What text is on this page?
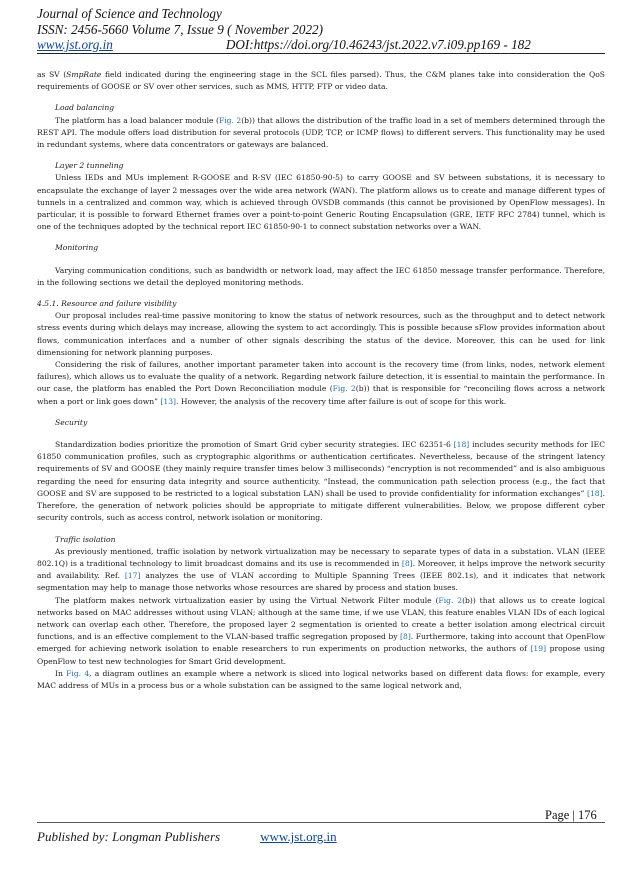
Journal of Science and Technology
ISSN: 2456-5660 Volume 7, Issue 9 ( November 2022)
www.jst.org.in	DOI:https://doi.org/10.46243/jst.2022.v7.i09.pp169 - 182

as SV (SmpRate field indicated during the engineering stage in the SCL files parsed). Thus, the C&M planes take into consideration the QoS requirements of GOOSE or SV over other services, such as MMS, HTTP, FTP or video data.

Load balancing

The platform has a load balancer module (Fig. 2(b)) that allows the distribution of the traffic load in a set of members determined through the REST API. The module offers load distribution for several protocols (UDP, TCP, or ICMP flows) to different servers. This functionality may be used in redundant systems, where data concentrators or gateways are balanced.

Layer 2 tunneling

Unless IEDs and MUs implement R-GOOSE and R-SV (IEC 61850-90-5) to carry GOOSE and SV between substations, it is necessary to encapsulate the exchange of layer 2 messages over the wide area network (WAN). The platform allows us to create and manage different types of tunnels in a centralized and common way, which is achieved through OVSDB commands (this cannot be provisioned by OpenFlow messages). In particular, it is possible to forward Ethernet frames over a point-to-point Generic Routing Encapsulation (GRE, IETF RFC 2784) tunnel, which is one of the techniques adopted by the technical report IEC 61850-90-1 to connect substation networks over a WAN.

Monitoring

Varying communication conditions, such as bandwidth or network load, may affect the IEC 61850 message transfer performance. Therefore, in the following sections we detail the deployed monitoring methods.

4.5.1. Resource and failure visibility

Our proposal includes real-time passive monitoring to know the status of network resources, such as the throughput and to detect network stress events during which delays may increase, allowing the system to act accordingly. This is possible because sFlow provides information about flows, communication interfaces and a number of other signals describing the status of the device. Moreover, this can be used for link dimensioning for network planning purposes.

Considering the risk of failures, another important parameter taken into account is the recovery time (from links, nodes, network element failures), which allows us to evaluate the quality of a network. Regarding network failure detection, it is essential to maintain the performance. In our case, the platform has enabled the Port Down Reconciliation module (Fig. 2(b)) that is responsible for “reconciling flows across a network when a port or link goes down” [13]. However, the analysis of the recovery time after failure is out of scope for this work.

Security

Standardization bodies prioritize the promotion of Smart Grid cyber security strategies. IEC 62351-6 [18] includes security methods for IEC 61850 communication profiles, such as cryptographic algorithms or authentication certificates. Nevertheless, because of the stringent latency requirements of SV and GOOSE (they mainly require transfer times below 3 milliseconds) “encryption is not recommended” and is also ambiguous regarding the need for ensuring data integrity and source authenticity. “Instead, the communication path selection process (e.g., the fact that GOOSE and SV are supposed to be restricted to a logical substation LAN) shall be used to provide confidentiality for information exchanges” [18]. Therefore, the generation of network policies should be appropriate to mitigate different vulnerabilities. Below, we propose different cyber security controls, such as access control, network isolation or monitoring.

Traffic isolation

As previously mentioned, traffic isolation by network virtualization may be necessary to separate types of data in a substation. VLAN (IEEE 802.1Q) is a traditional technology to limit broadcast domains and its use is recommended in [8]. Moreover, it helps improve the network security and availability. Ref. [17] analyzes the use of VLAN according to Multiple Spanning Trees (IEEE 802.1s), and it indicates that network segmentation may help to manage those networks whose resources are shared by process and station buses.

The platform makes network virtualization easier by using the Virtual Network Filter module (Fig. 2(b)) that allows us to create logical networks based on MAC addresses without using VLAN; although at the same time, if we use VLAN, this feature enables VLAN IDs of each logical network can overlap each other. Therefore, the proposed layer 2 segmentation is oriented to create a better isolation among electrical circuit functions, and is an effective complement to the VLAN-based traffic segregation proposed by [8]. Furthermore, taking into account that OpenFlow emerged for achieving network isolation to enable researchers to run experiments on production networks, the authors of [19] propose using OpenFlow to test new technologies for Smart Grid development.

In Fig. 4, a diagram outlines an example where a network is sliced into logical networks based on different data flows: for example, every MAC address of MUs in a process bus or a whole substation can be assigned to the same logical network and,

Page | 176
Published by: Longman Publishers	www.jst.org.in
